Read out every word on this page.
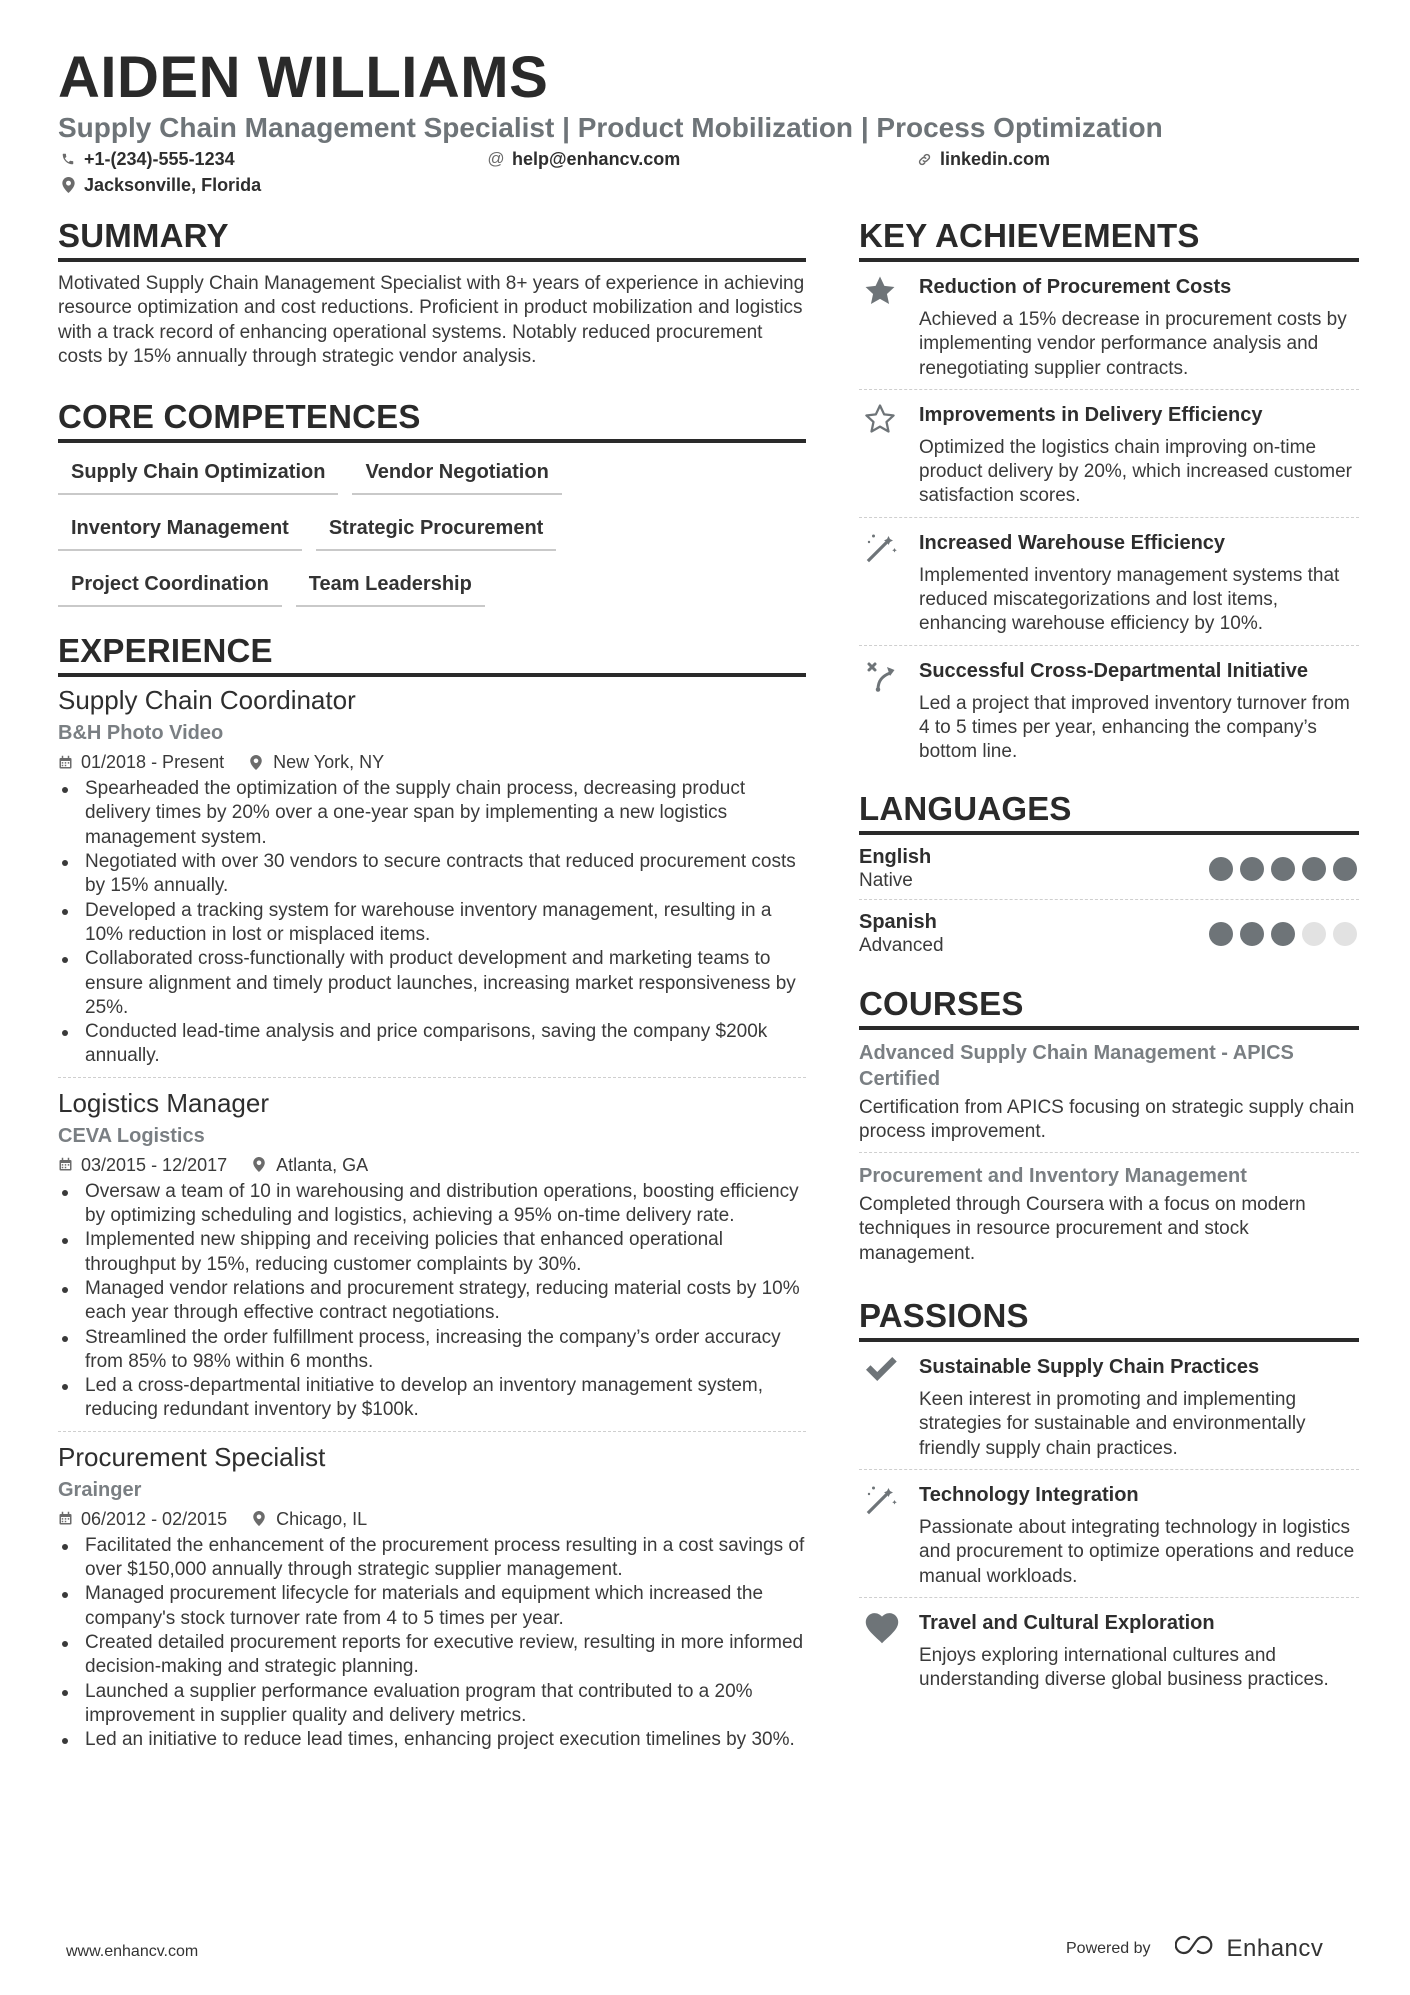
AIDEN WILLIAMS
Supply Chain Management Specialist | Product Mobilization | Process Optimization
+1-(234)-555-1234	@ help@enhancv.com	linkedin.com
Jacksonville, Florida
SUMMARY

Motivated Supply Chain Management Specialist with 8+ years of experience in achieving resource optimization and cost reductions. Proficient in product mobilization and logistics with a track record of enhancing operational systems. Notably reduced procurement costs by 15% annually through strategic vendor analysis.

CORE COMPETENCES
Supply Chain Optimization	Vendor Negotiation
Inventory Management	Strategic Procurement
Project Coordination	Team Leadership
EXPERIENCE
Supply Chain Coordinator
B&H Photo Video
01/2018 - Present	New York, NY
Spearheaded the optimization of the supply chain process, decreasing product delivery times by 20% over a one-year span by implementing a new logistics management system.
Negotiated with over 30 vendors to secure contracts that reduced procurement costs by 15% annually.
Developed a tracking system for warehouse inventory management, resulting in a 10% reduction in lost or misplaced items.
Collaborated cross-functionally with product development and marketing teams to ensure alignment and timely product launches, increasing market responsiveness by 25%.
Conducted lead-time analysis and price comparisons, saving the company $200k annually.
Logistics Manager
CEVA Logistics
03/2015 - 12/2017	Atlanta, GA
Oversaw a team of 10 in warehousing and distribution operations, boosting efficiency by optimizing scheduling and logistics, achieving a 95% on-time delivery rate.
Implemented new shipping and receiving policies that enhanced operational throughput by 15%, reducing customer complaints by 30%.
Managed vendor relations and procurement strategy, reducing material costs by 10% each year through effective contract negotiations.
Streamlined the order fulfillment process, increasing the company’s order accuracy from 85% to 98% within 6 months.
Led a cross-departmental initiative to develop an inventory management system, reducing redundant inventory by $100k.
Procurement Specialist
Grainger
06/2012 - 02/2015	Chicago, IL
Facilitated the enhancement of the procurement process resulting in a cost savings of over $150,000 annually through strategic supplier management.
Managed procurement lifecycle for materials and equipment which increased the company's stock turnover rate from 4 to 5 times per year.
Created detailed procurement reports for executive review, resulting in more informed decision-making and strategic planning.
Launched a supplier performance evaluation program that contributed to a 20% improvement in supplier quality and delivery metrics.
Led an initiative to reduce lead times, enhancing project execution timelines by 30%.
KEY ACHIEVEMENTS
Reduction of Procurement Costs
Achieved a 15% decrease in procurement costs by implementing vendor performance analysis and renegotiating supplier contracts.
Improvements in Delivery Efficiency
Optimized the logistics chain improving on-time product delivery by 20%, which increased customer satisfaction scores.
Increased Warehouse Efficiency
Implemented inventory management systems that reduced miscategorizations and lost items, enhancing warehouse efficiency by 10%.
Successful Cross-Departmental Initiative
Led a project that improved inventory turnover from 4 to 5 times per year, enhancing the company’s bottom line.
LANGUAGES
English
Native
Spanish
Advanced
COURSES
Advanced Supply Chain Management - APICS Certified
Certification from APICS focusing on strategic supply chain process improvement.
Procurement and Inventory Management
Completed through Coursera with a focus on modern techniques in resource procurement and stock management.
PASSIONS
Sustainable Supply Chain Practices
Keen interest in promoting and implementing strategies for sustainable and environmentally friendly supply chain practices.
Technology Integration
Passionate about integrating technology in logistics and procurement to optimize operations and reduce manual workloads.
Travel and Cultural Exploration
Enjoys exploring international cultures and understanding diverse global business practices.
www.enhancv.com	Powered by	Enhancv
